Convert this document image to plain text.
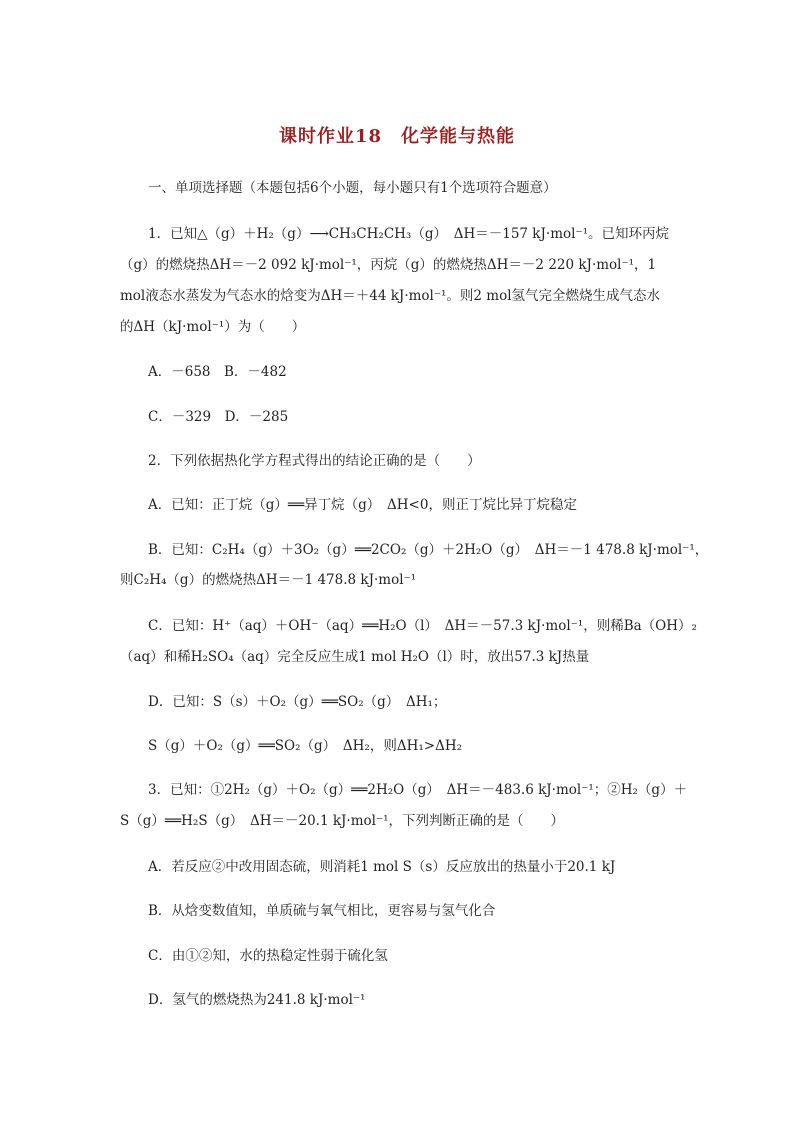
课时作业18　化学能与热能
一、单项选择题（本题包括6个小题，每小题只有1个选项符合题意）
1．已知△（g）＋H₂（g）⟶CH₃CH₂CH₃（g）　ΔH＝－157 kJ·mol⁻¹。已知环丙烷
（g）的燃烧热ΔH＝－2 092 kJ·mol⁻¹，丙烷（g）的燃烧热ΔH＝－2 220 kJ·mol⁻¹，1
mol液态水蒸发为气态水的焓变为ΔH＝＋44 kJ·mol⁻¹。则2 mol氢气完全燃烧生成气态水
的ΔH（kJ·mol⁻¹）为（　　）
A．－658　B．－482
C．－329　D．－285
2．下列依据热化学方程式得出的结论正确的是（　　）
A．已知：正丁烷（g）══异丁烷（g）　ΔH<0，则正丁烷比异丁烷稳定
B．已知：C₂H₄（g）＋3O₂（g）══2CO₂（g）＋2H₂O（g）　ΔH＝－1 478.8 kJ·mol⁻¹，
则C₂H₄（g）的燃烧热ΔH＝－1 478.8 kJ·mol⁻¹
C．已知：H⁺（aq）＋OH⁻（aq）══H₂O（l）　ΔH＝－57.3 kJ·mol⁻¹，则稀Ba（OH）₂
（aq）和稀H₂SO₄（aq）完全反应生成1 mol H₂O（l）时，放出57.3 kJ热量
D．已知：S（s）＋O₂（g）══SO₂（g）　ΔH₁；
S（g）＋O₂（g）══SO₂（g）　ΔH₂，则ΔH₁>ΔH₂
3．已知：①2H₂（g）＋O₂（g）══2H₂O（g）　ΔH＝－483.6 kJ·mol⁻¹；②H₂（g）＋
S（g）══H₂S（g）　ΔH＝－20.1 kJ·mol⁻¹，下列判断正确的是（　　）
A．若反应②中改用固态硫，则消耗1 mol S（s）反应放出的热量小于20.1 kJ
B．从焓变数值知，单质硫与氧气相比，更容易与氢气化合
C．由①②知，水的热稳定性弱于硫化氢
D．氢气的燃烧热为241.8 kJ·mol⁻¹
